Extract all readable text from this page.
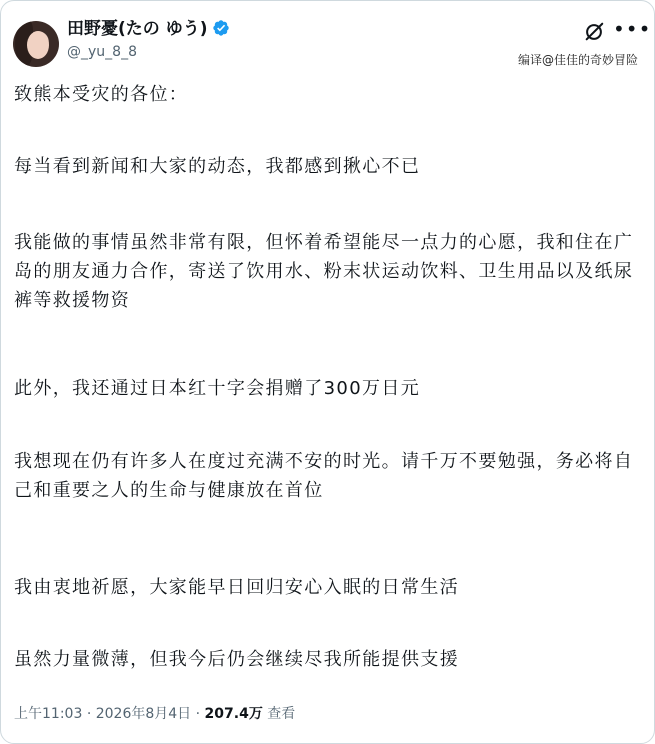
田野憂(たの ゆう)
@_yu_8_8
•••
编译@佳佳的奇妙冒险

致熊本受灾的各位：

每当看到新闻和大家的动态，我都感到揪心不已

我能做的事情虽然非常有限，但怀着希望能尽一点力的心愿，我和住在广岛的朋友通力合作，寄送了饮用水、粉末状运动饮料、卫生用品以及纸尿裤等救援物资

此外，我还通过日本红十字会捐赠了300万日元

我想现在仍有许多人在度过充满不安的时光。请千万不要勉强，务必将自己和重要之人的生命与健康放在首位

我由衷地祈愿，大家能早日回归安心入眠的日常生活

虽然力量微薄，但我今后仍会继续尽我所能提供支援

上午11:03 · 2026年8月4日 · 207.4万 查看
